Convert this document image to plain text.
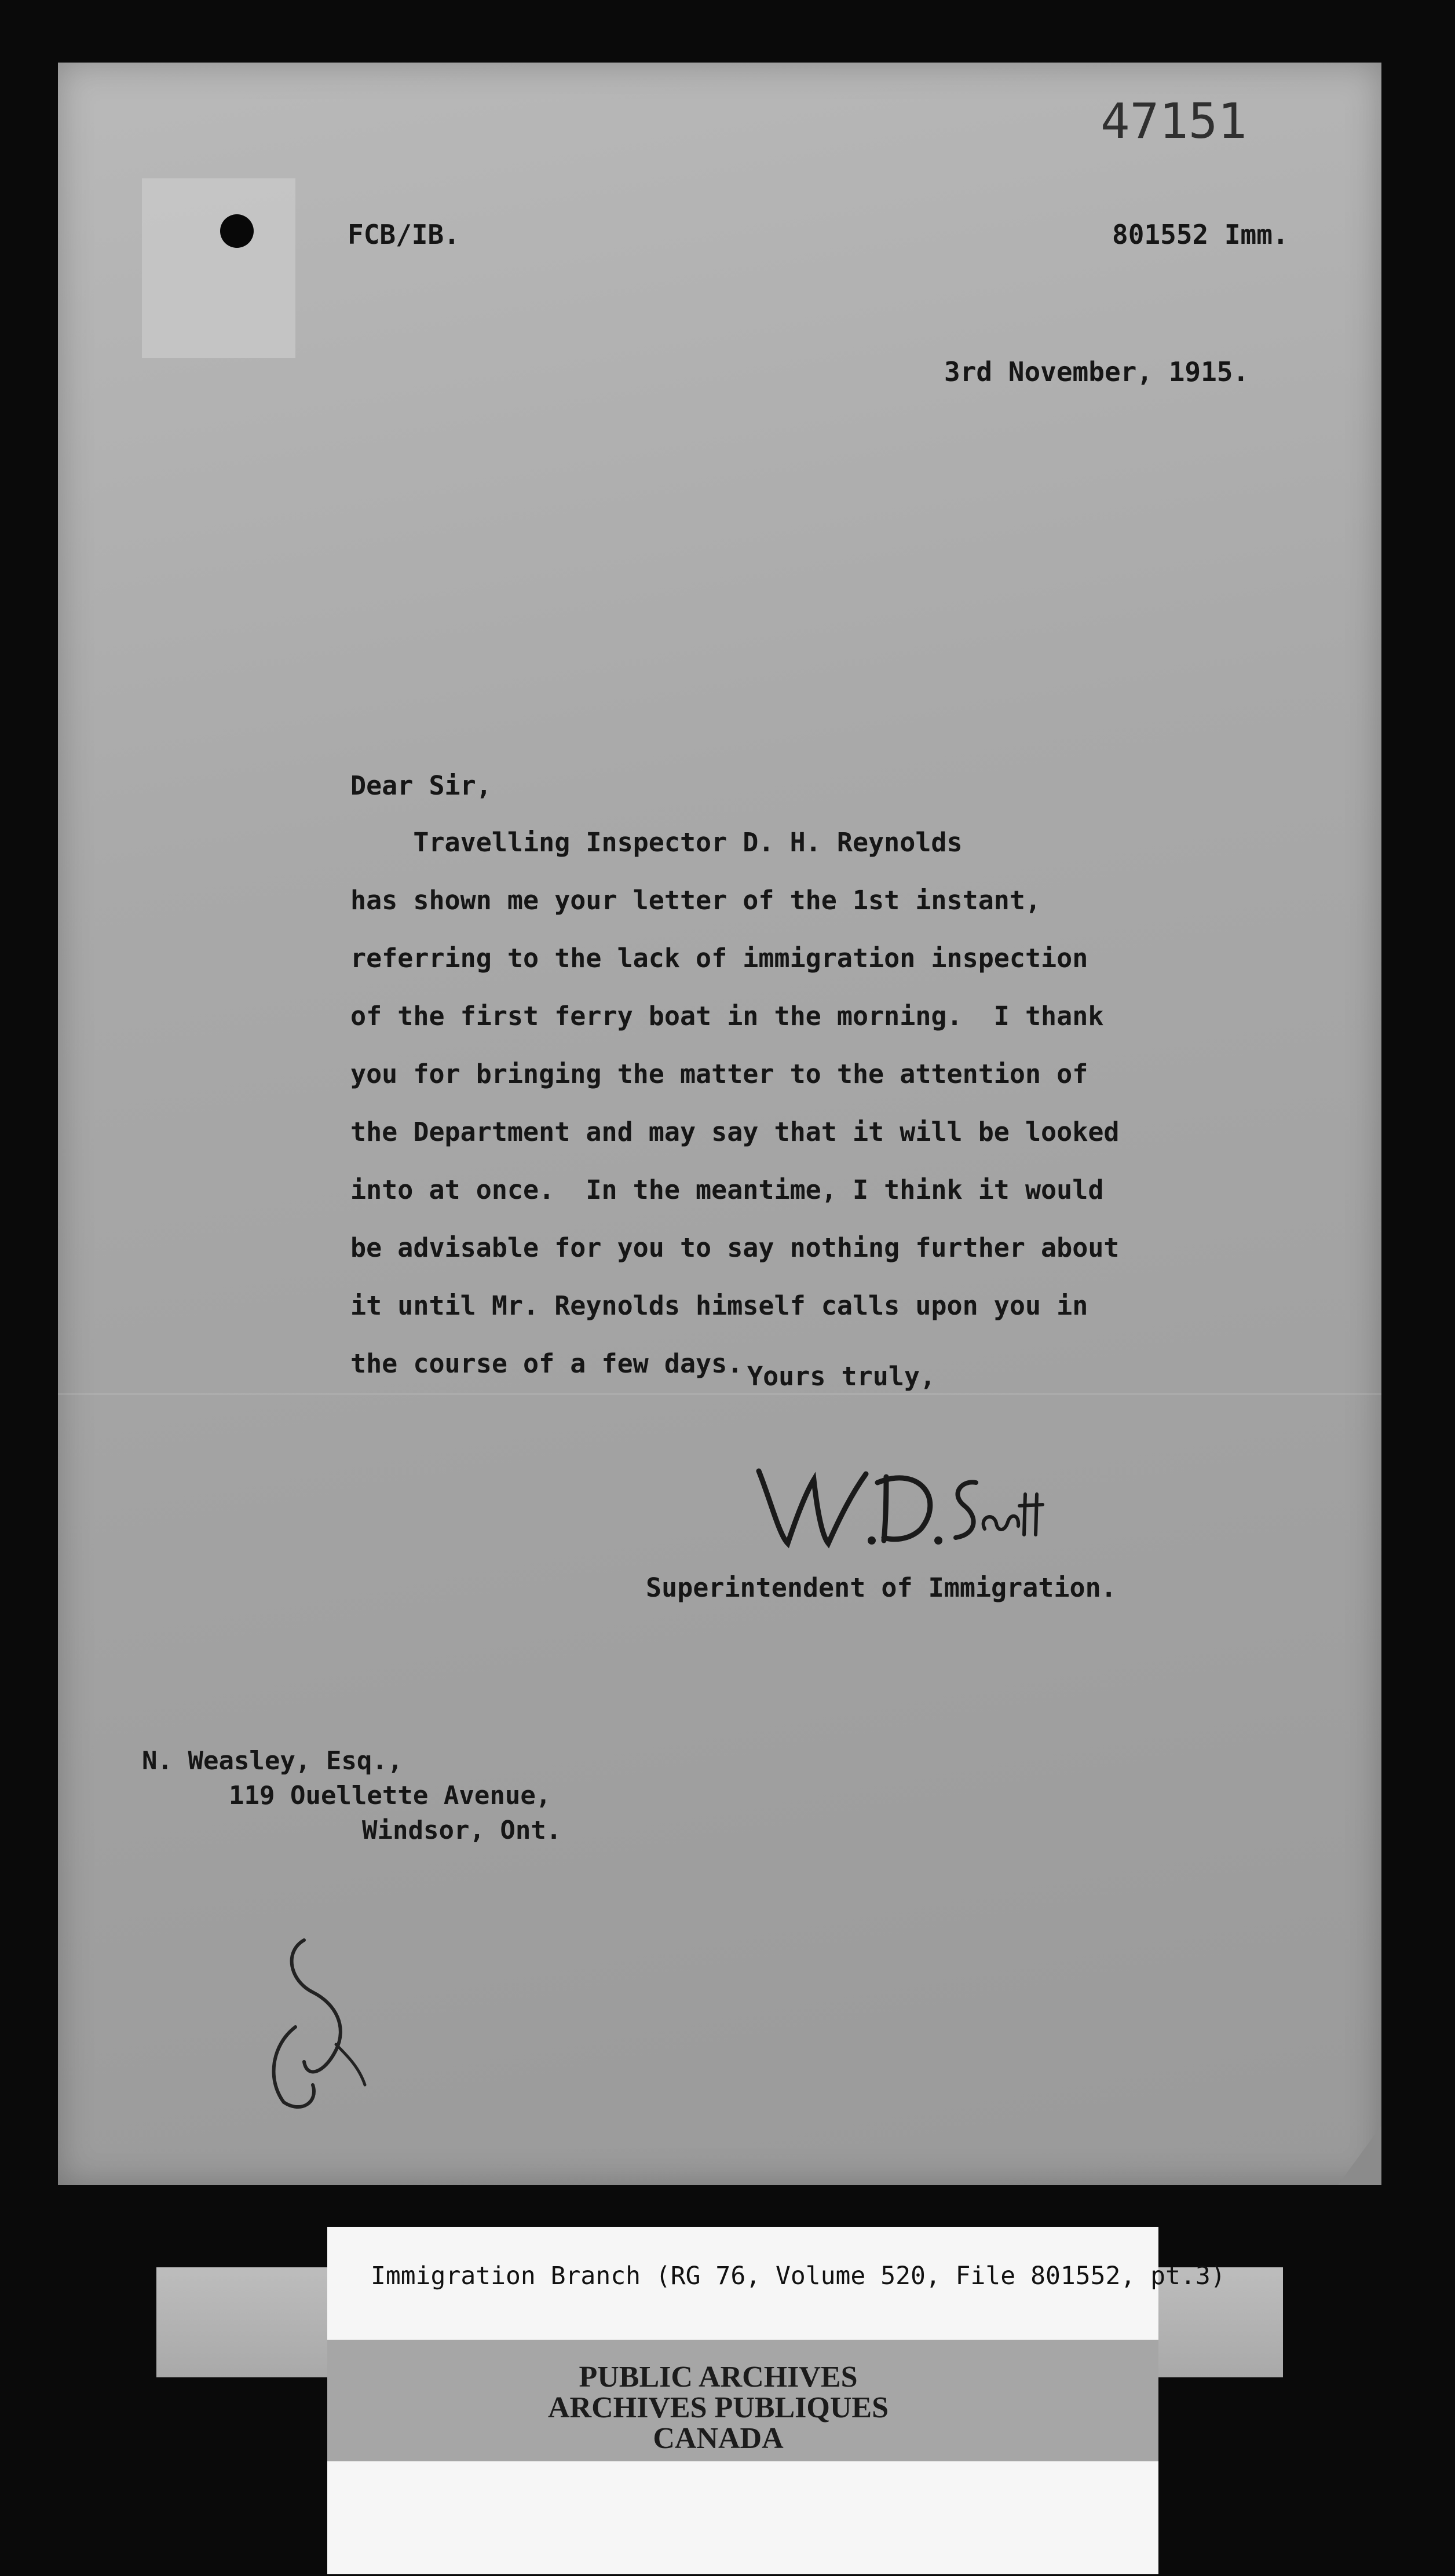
47151

FCB/IB.	801552 Imm.

3rd November, 1915.

Dear Sir,

Travelling Inspector D. H. Reynolds
has shown me your letter of the 1st instant,
referring to the lack of immigration inspection
of the first ferry boat in the morning.  I thank
you for bringing the matter to the attention of
the Department and may say that it will be looked
into at once.  In the meantime, I think it would
be advisable for you to say nothing further about
it until Mr. Reynolds himself calls upon you in
the course of a few days. Yours truly,

Superintendent of Immigration.

N. Weasley, Esq.,

119 Ouellette Avenue,

Windsor, Ont.

Immigration Branch (RG 76, Volume 520, File 801552, pt.3)

PUBLIC ARCHIVES

ARCHIVES PUBLIQUES

CANADA
